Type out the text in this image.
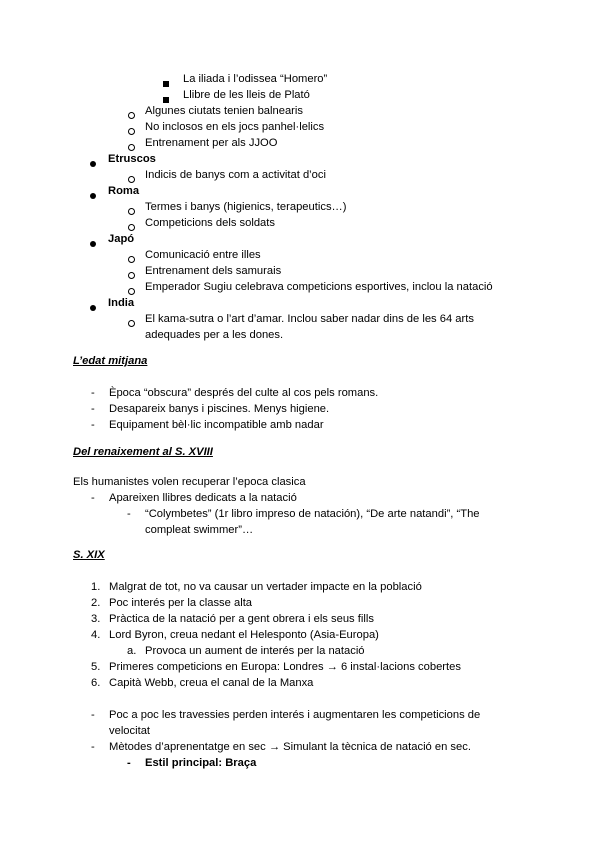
La iliada i l’odissea “Homero”
Llibre de les lleis de Plató
Algunes ciutats tenien balnearis
No inclosos en els jocs panhel·lelics
Entrenament per als JJOO
Etruscos
Indicis de banys com a activitat d’oci
Roma
Termes i banys (higienics, terapeutics…)
Competicions dels soldats
Japó
Comunicació entre illes
Entrenament dels samurais
Emperador Sugiu celebrava competicions esportives, inclou la natació
India
El kama-sutra o l’art d’amar. Inclou saber nadar dins de les 64 arts
adequades per a les dones.
L’edat mitjana
- Època “obscura” després del culte al cos pels romans.
- Desapareix banys i piscines. Menys higiene.
- Equipament bèl·lic incompatible amb nadar
Del renaixement al S. XVIII
Els humanistes volen recuperar l’epoca clasica
- Apareixen llibres dedicats a la natació
- “Colymbetes” (1r libro impreso de natación), “De arte natandi”, “The
compleat swimmer”…
S. XIX
1. Malgrat de tot, no va causar un vertader impacte en la població
2. Poc interés per la classe alta
3. Pràctica de la natació per a gent obrera i els seus fills
4. Lord Byron, creua nedant el Helesponto (Asia-Europa)
a. Provoca un aument de interés per la natació
5. Primeres competicions en Europa: Londres → 6 instal·lacions cobertes
6. Capità Webb, creua el canal de la Manxa
- Poc a poc les travessies perden interés i augmentaren les competicions de
velocitat
- Mètodes d’aprenentatge en sec → Simulant la tècnica de natació en sec.
- Estil principal: Braça
